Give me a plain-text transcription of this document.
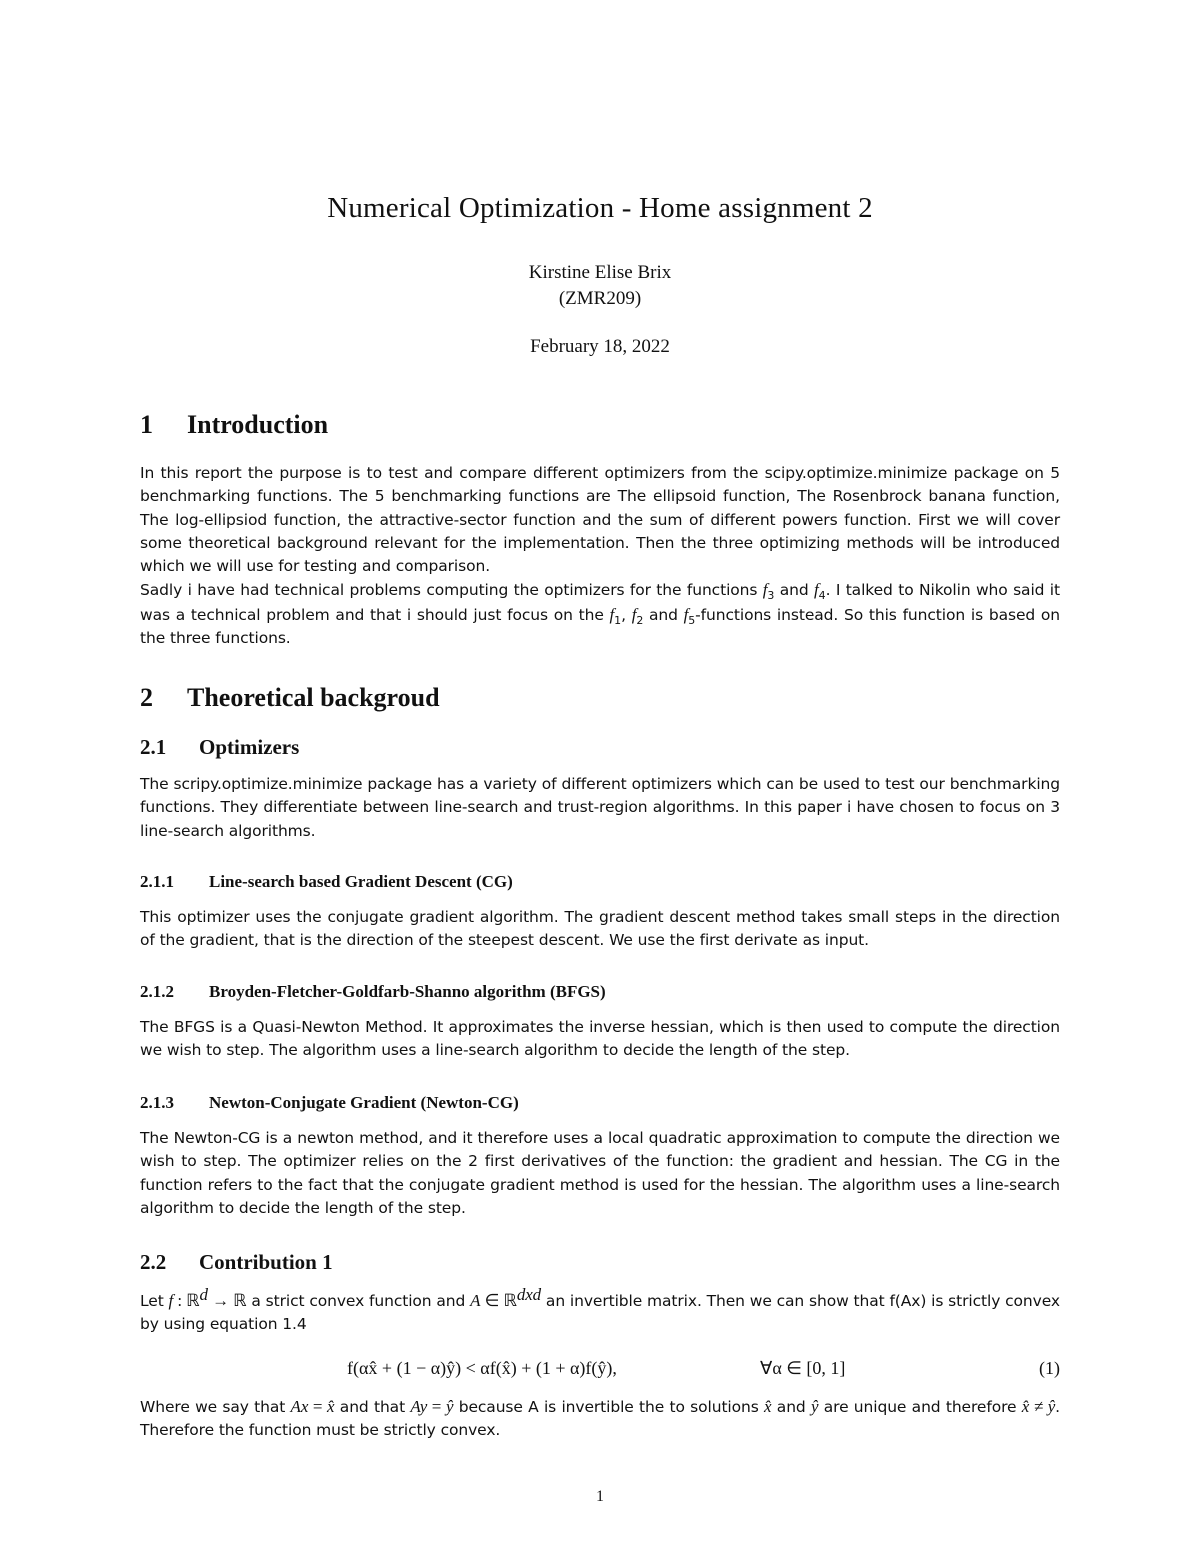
Numerical Optimization - Home assignment 2
Kirstine Elise Brix
(ZMR209)
February 18, 2022
1 Introduction

In this report the purpose is to test and compare different optimizers from the scipy.optimize.minimize package on 5 benchmarking functions. The 5 benchmarking functions are The ellipsoid function, The Rosenbrock banana function, The log-ellipsiod function, the attractive-sector function and the sum of different powers function. First we will cover some theoretical background relevant for the implementation. Then the three optimizing methods will be introduced which we will use for testing and comparison.

Sadly i have had technical problems computing the optimizers for the functions $f_3$ and $f_4$. I talked to Nikolin who said it was a technical problem and that i should just focus on the $f_1$, $f_2$ and $f_5$-functions instead. So this function is based on the three functions.

2 Theoretical backgroud
2.1 Optimizers
The scripy.optimize.minimize package has a variety of different optimizers which can be used to test our benchmarking functions. They differentiate between line-search and trust-region algorithms. In this paper i have chosen to focus on 3 line-search algorithms.
2.1.1 Line-search based Gradient Descent (CG)
This optimizer uses the conjugate gradient algorithm. The gradient descent method takes small steps in the direction of the gradient, that is the direction of the steepest descent. We use the first derivate as input.
2.1.2 Broyden-Fletcher-Goldfarb-Shanno algorithm (BFGS)
The BFGS is a Quasi-Newton Method. It approximates the inverse hessian, which is then used to compute the direction we wish to step. The algorithm uses a line-search algorithm to decide the length of the step.
2.1.3 Newton-Conjugate Gradient (Newton-CG)
The Newton-CG is a newton method, and it therefore uses a local quadratic approximation to compute the direction we wish to step. The optimizer relies on the 2 first derivatives of the function: the gradient and hessian. The CG in the function refers to the fact that the conjugate gradient method is used for the hessian. The algorithm uses a line-search algorithm to decide the length of the step.
2.2 Contribution 1
Let f : ℝ$^d$ → ℝ a strict convex function and A ∈ ℝ$^{dxd}$ an invertible matrix. Then we can show that f(Ax) is strictly convex by using equation 1.4
f(αx̂ + (1 − α)ŷ) < αf(x̂) + (1 + α)f(ŷ),	∀α ∈ [0, 1]	(1)
Where we say that Ax = x̂ and that Ay = ŷ because A is invertible the to solutions x̂ and ŷ are unique and therefore x̂ ≠ ŷ. Therefore the function must be strictly convex.
1
